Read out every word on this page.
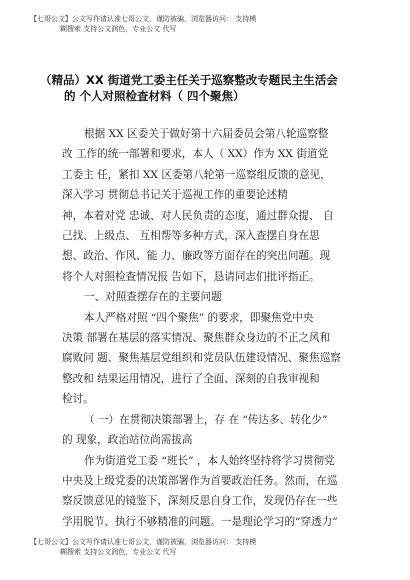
【七哥公文】公文写作请认准七哥公文，谨防被骗，浏览器访问： 支持模
糊搜索 支持公文润色，专业公文 代写
（精品）XX 街道党工委主任关于巡察整改专题民主生活会
的 个人对照检查材料（ 四个聚焦）

根据 XX 区委关于做好第十六届委员会第八轮巡察整

改 工作的统一部署和要求，本人（ XX）作为 XX 街道党

工委主 任，紧扣 XX 区委第八轮第一巡察组反馈的意见，

深入学习 贯彻总书记关于巡视工作的重要论述精

神，本着对党 忠诚、对人民负责的态度，通过群众提、 自

己找、上级点、 互相帮等多种方式，深入查摆自身在思

想、政治、作风、能 力、廉政等方面存在的突出问题。现

将个人对照检查情况报 告如下，恳请同志们批评指正。

一、对照查摆存在的主要问题

本人严格对照 “四个聚焦” 的要求，即聚焦党中央

决策 部署在基层的落实情况、聚焦群众身边的不正之风和

腐败问 题、聚焦基层党组织和党员队伍建设情况、聚焦巡察

整改和 结果运用情况，进行了全面、深刻的自我审视和

检讨。

（ 一）在贯彻决策部署上，存 在 “传达多、转化少”

的 现象，政治站位尚需拔高

作为街道党工委 “班长” ，本人始终坚持将学习贯彻党

中央及上级党委的决策部署作为首要政治任务。然而，在巡

察反馈意见的镜鉴下，深刻反思自身工作，发现仍存在一些

学用脱节、执行不够精准的问题。一是理论学习的“穿透力”

【七哥公文】公文写作请认准七哥公文，谨防被骗，浏览器访问： 支持模
糊搜索 支持公文润色，专业公文 代写
